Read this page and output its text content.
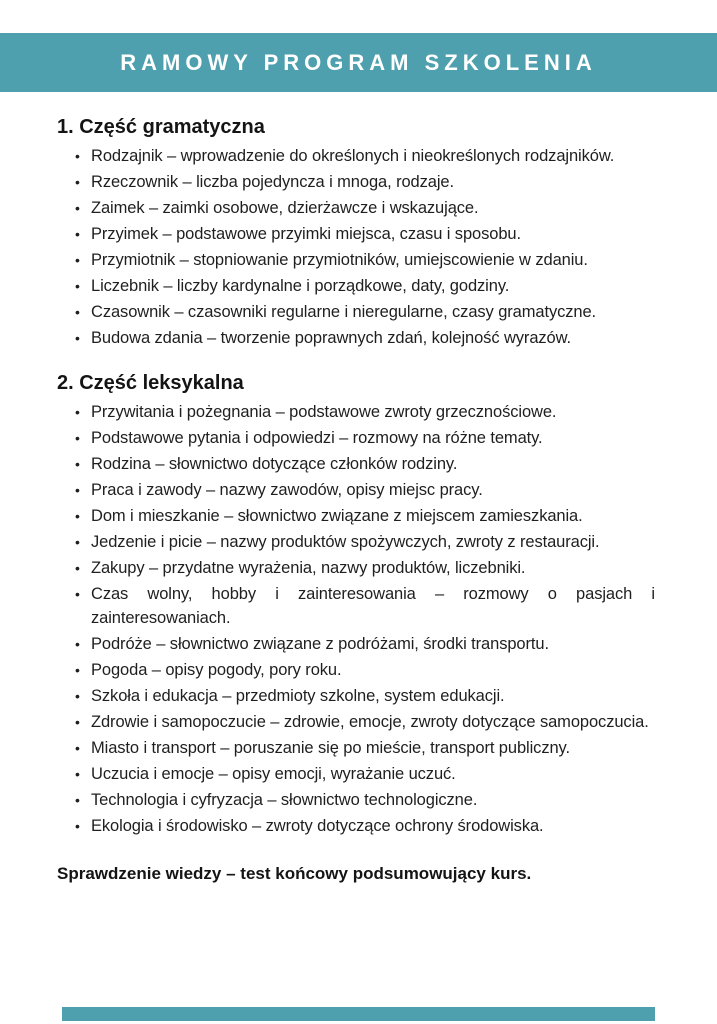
RAMOWY PROGRAM SZKOLENIA
1. Część gramatyczna
• Rodzajnik – wprowadzenie do określonych i nieokreślonych rodzajników.
• Rzeczownik – liczba pojedyncza i mnoga, rodzaje.
• Zaimek – zaimki osobowe, dzierżawcze i wskazujące.
• Przyimek – podstawowe przyimki miejsca, czasu i sposobu.
• Przymiotnik – stopniowanie przymiotników, umiejscowienie w zdaniu.
• Liczebnik – liczby kardynalne i porządkowe, daty, godziny.
• Czasownik – czasowniki regularne i nieregularne, czasy gramatyczne.
• Budowa zdania – tworzenie poprawnych zdań, kolejność wyrazów.
2. Część leksykalna
• Przywitania i pożegnania – podstawowe zwroty grzecznościowe.
• Podstawowe pytania i odpowiedzi – rozmowy na różne tematy.
• Rodzina – słownictwo dotyczące członków rodziny.
• Praca i zawody – nazwy zawodów, opisy miejsc pracy.
• Dom i mieszkanie – słownictwo związane z miejscem zamieszkania.
• Jedzenie i picie – nazwy produktów spożywczych, zwroty z restauracji.
• Zakupy – przydatne wyrażenia, nazwy produktów, liczebniki.
• Czas wolny, hobby i zainteresowania – rozmowy o pasjach i zainteresowaniach.
• Podróże – słownictwo związane z podróżami, środki transportu.
• Pogoda – opisy pogody, pory roku.
• Szkoła i edukacja – przedmioty szkolne, system edukacji.
• Zdrowie i samopoczucie – zdrowie, emocje, zwroty dotyczące samopoczucia.
• Miasto i transport – poruszanie się po mieście, transport publiczny.
• Uczucia i emocje – opisy emocji, wyrażanie uczuć.
• Technologia i cyfryzacja – słownictwo technologiczne.
• Ekologia i środowisko – zwroty dotyczące ochrony środowiska.

Sprawdzenie wiedzy – test końcowy podsumowujący kurs.
